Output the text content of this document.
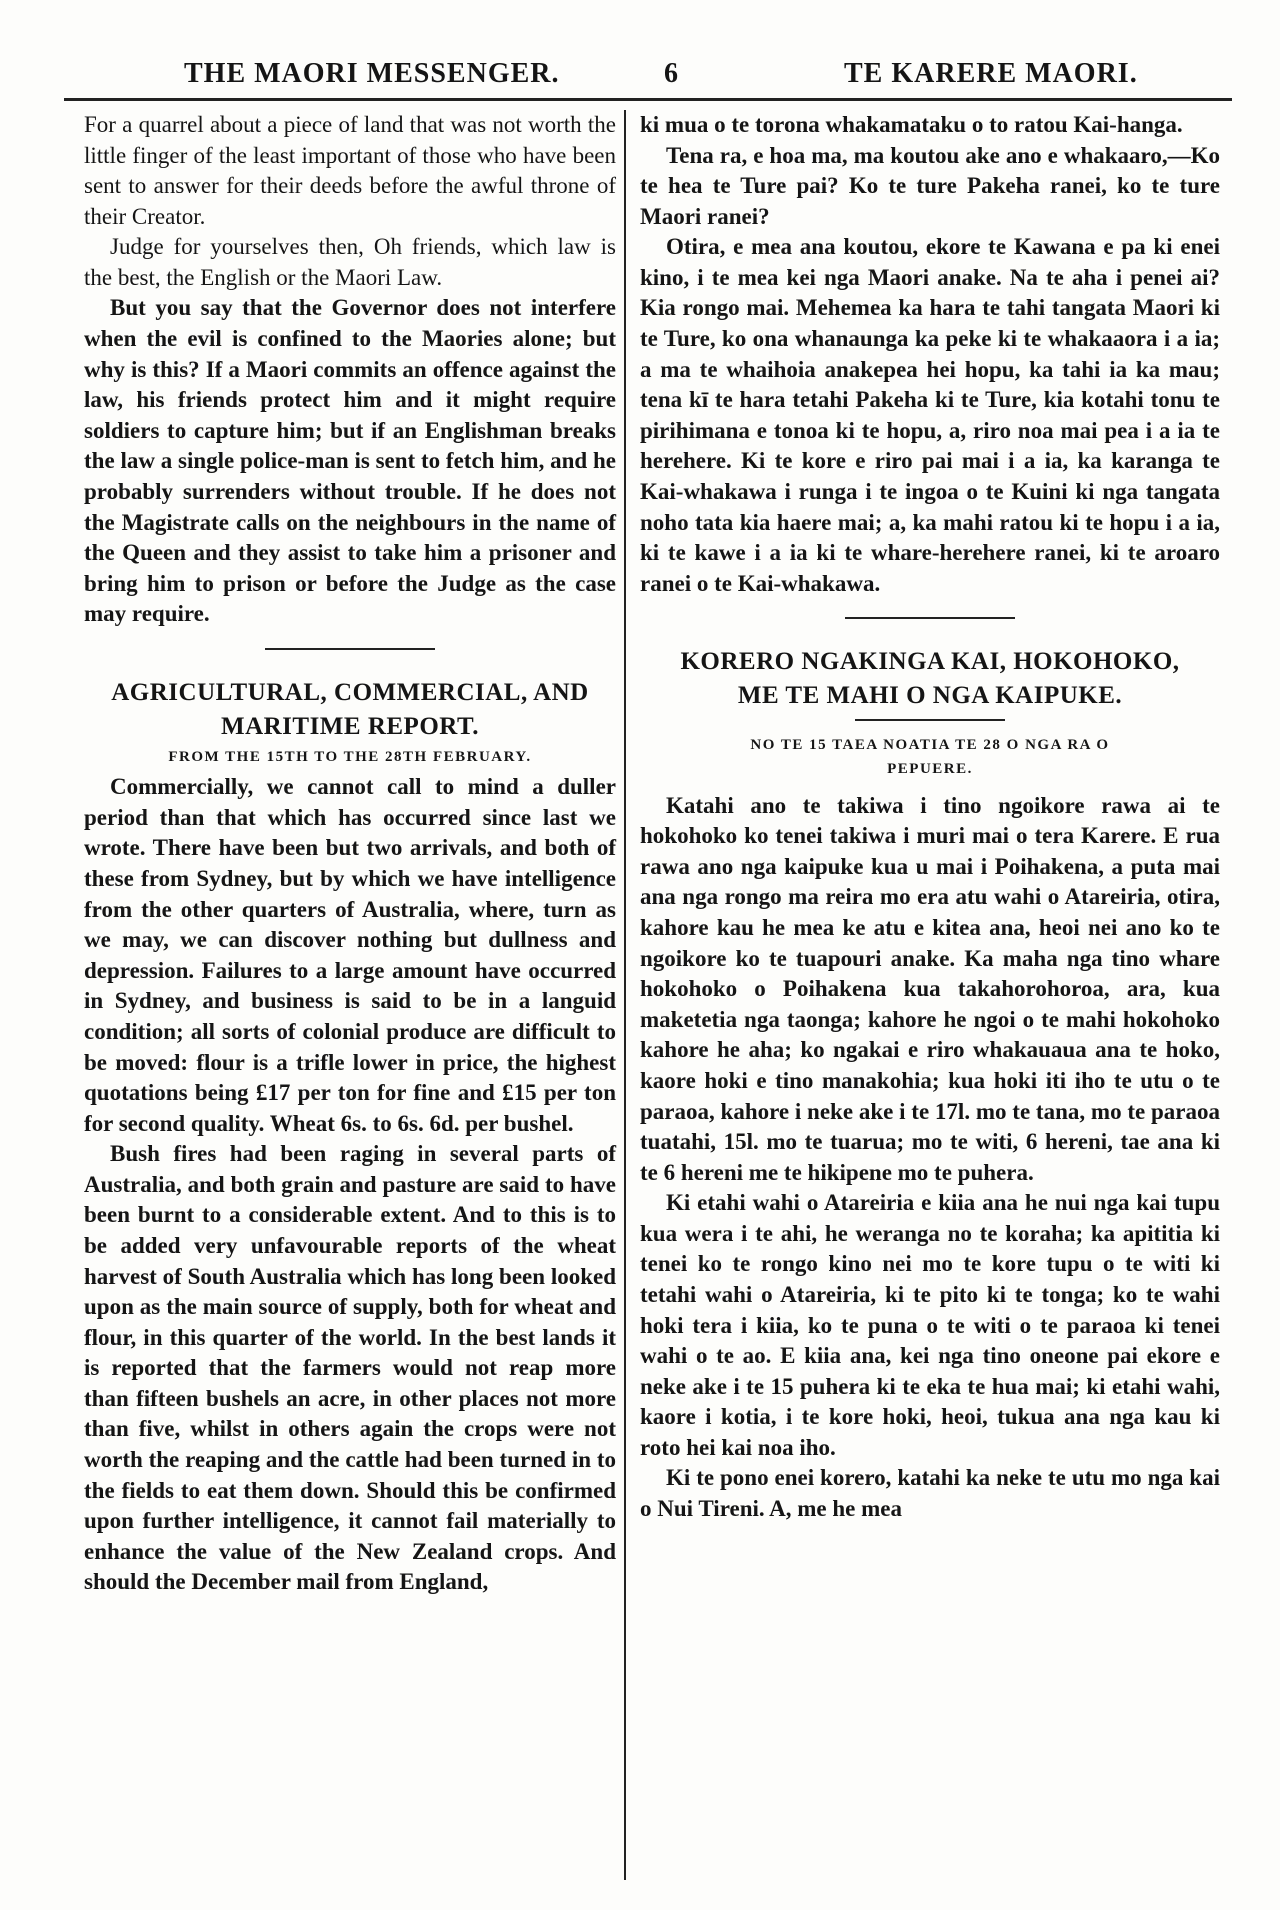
THE MAORI MESSENGER.	6	TE KARERE MAORI.

For a quarrel about a piece of land that was not worth the little finger of the least important of those who have been sent to answer for their deeds before the awful throne of their Creator.

Judge for yourselves then, Oh friends, which law is the best, the English or the Maori Law.

But you say that the Governor does not interfere when the evil is confined to the Maories alone; but why is this? If a Maori commits an offence against the law, his friends protect him and it might require soldiers to capture him; but if an Englishman breaks the law a single police-man is sent to fetch him, and he probably surrenders without trouble. If he does not the Magistrate calls on the neighbours in the name of the Queen and they assist to take him a prisoner and bring him to prison or before the Judge as the case may require.

AGRICULTURAL, COMMERCIAL, AND
MARITIME REPORT.
FROM THE 15TH TO THE 28TH FEBRUARY.

Commercially, we cannot call to mind a duller period than that which has occurred since last we wrote. There have been but two arrivals, and both of these from Sydney, but by which we have intelligence from the other quarters of Australia, where, turn as we may, we can discover nothing but dullness and depression. Failures to a large amount have occurred in Sydney, and business is said to be in a languid condition; all sorts of colonial produce are difficult to be moved: flour is a trifle lower in price, the highest quotations being £17 per ton for fine and £15 per ton for second quality. Wheat 6s. to 6s. 6d. per bushel.

Bush fires had been raging in several parts of Australia, and both grain and pasture are said to have been burnt to a considerable extent. And to this is to be added very unfavourable reports of the wheat harvest of South Australia which has long been looked upon as the main source of supply, both for wheat and flour, in this quarter of the world. In the best lands it is reported that the farmers would not reap more than fifteen bushels an acre, in other places not more than five, whilst in others again the crops were not worth the reaping and the cattle had been turned in to the fields to eat them down. Should this be confirmed upon further intelligence, it cannot fail materially to enhance the value of the New Zealand crops. And should the December mail from England,

ki mua o te torona whakamataku o to ratou Kai-hanga.

Tena ra, e hoa ma, ma koutou ake ano e whakaaro,—Ko te hea te Ture pai? Ko te ture Pakeha ranei, ko te ture Maori ranei?

Otira, e mea ana koutou, ekore te Kawana e pa ki enei kino, i te mea kei nga Maori anake. Na te aha i penei ai? Kia rongo mai. Mehemea ka hara te tahi tangata Maori ki te Ture, ko ona whanaunga ka peke ki te whakaaora i a ia; a ma te whaihoia anakepea hei hopu, ka tahi ia ka mau; tena kī te hara tetahi Pakeha ki te Ture, kia kotahi tonu te pirihimana e tonoa ki te hopu, a, riro noa mai pea i a ia te herehere. Ki te kore e riro pai mai i a ia, ka karanga te Kai-whakawa i runga i te ingoa o te Kuini ki nga tangata noho tata kia haere mai; a, ka mahi ratou ki te hopu i a ia, ki te kawe i a ia ki te whare-herehere ranei, ki te aroaro ranei o te Kai-whakawa.

KORERO NGAKINGA KAI, HOKOHOKO,
ME TE MAHI O NGA KAIPUKE.
NO TE 15 TAEA NOATIA TE 28 O NGA RA O
PEPUERE.

Katahi ano te takiwa i tino ngoikore rawa ai te hokohoko ko tenei takiwa i muri mai o tera Karere. E rua rawa ano nga kaipuke kua u mai i Poihakena, a puta mai ana nga rongo ma reira mo era atu wahi o Atareiria, otira, kahore kau he mea ke atu e kitea ana, heoi nei ano ko te ngoikore ko te tuapouri anake. Ka maha nga tino whare hokohoko o Poihakena kua takahorohoroa, ara, kua maketetia nga taonga; kahore he ngoi o te mahi hokohoko kahore he aha; ko ngakai e riro whakauaua ana te hoko, kaore hoki e tino manakohia; kua hoki iti iho te utu o te paraoa, kahore i neke ake i te 17l. mo te tana, mo te paraoa tuatahi, 15l. mo te tuarua; mo te witi, 6 hereni, tae ana ki te 6 hereni me te hikipene mo te puhera.

Ki etahi wahi o Atareiria e kiia ana he nui nga kai tupu kua wera i te ahi, he weranga no te koraha; ka apititia ki tenei ko te rongo kino nei mo te kore tupu o te witi ki tetahi wahi o Atareiria, ki te pito ki te tonga; ko te wahi hoki tera i kiia, ko te puna o te witi o te paraoa ki tenei wahi o te ao. E kiia ana, kei nga tino oneone pai ekore e neke ake i te 15 puhera ki te eka te hua mai; ki etahi wahi, kaore i kotia, i te kore hoki, heoi, tukua ana nga kau ki roto hei kai noa iho.

Ki te pono enei korero, katahi ka neke te utu mo nga kai o Nui Tireni. A, me he mea
